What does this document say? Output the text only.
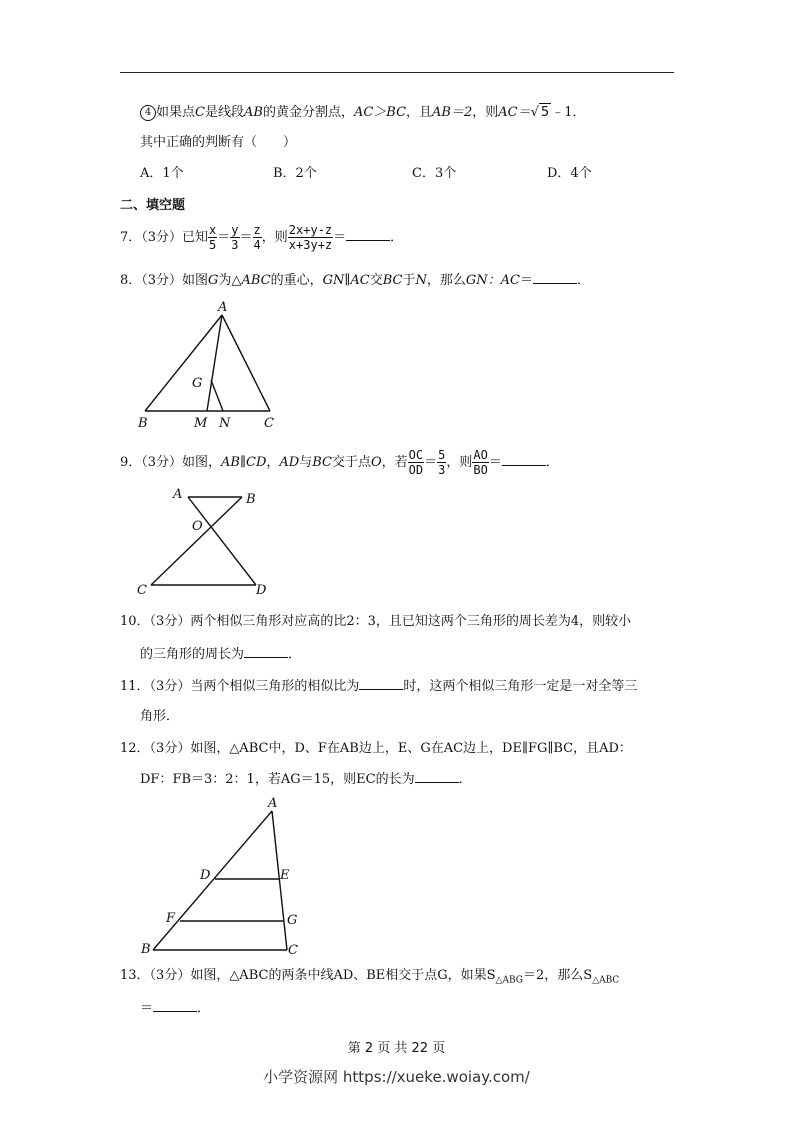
4 如果点C是线段AB的黄金分割点，AC＞BC，且AB＝2，则AC＝√ 5 ﹣1．
其中正确的判断有（　　）
A．1个	B．2个	C．3个	D．4个
二、填空题
7．（3分）已知 $\frac{x}{5} = \frac{y}{3} = \frac{z}{4}$ ，则 $\frac{2x+y-z}{x+3y+z}$ ＝	．
8．（3分）如图G为△ABC的重心，GN∥AC交BC于N，那么GN：AC＝	．
A
B	C
G
M N
9．（3分）如图，AB∥CD，AD与BC交于点O，若 $\frac{OC}{OD} = \frac{5}{3}$ ，则 $\frac{AO}{BO}$ ＝	．
A	B
O
C	D
10．（3分）两个相似三角形对应高的比2：3，且已知这两个三角形的周长差为4，则较小
的三角形的周长为	．
11．（3分）当两个相似三角形的相似比为	时，这两个相似三角形一定是一对全等三
角形．
12．（3分）如图，△ABC中，D、F在AB边上，E、G在AC边上，DE∥FG∥BC，且AD：
DF：FB＝3：2：1，若AG＝15，则EC的长为	．
A
D	E
F	G
B	C
13．（3分）如图，△ABC的两条中线AD、BE相交于点G，如果$S_{\triangle ABG}=2$，那么$S_{\triangle ABC}$
＝	．
第 2 页 共 22 页
小学资源网 https://xueke.woiay.com/
